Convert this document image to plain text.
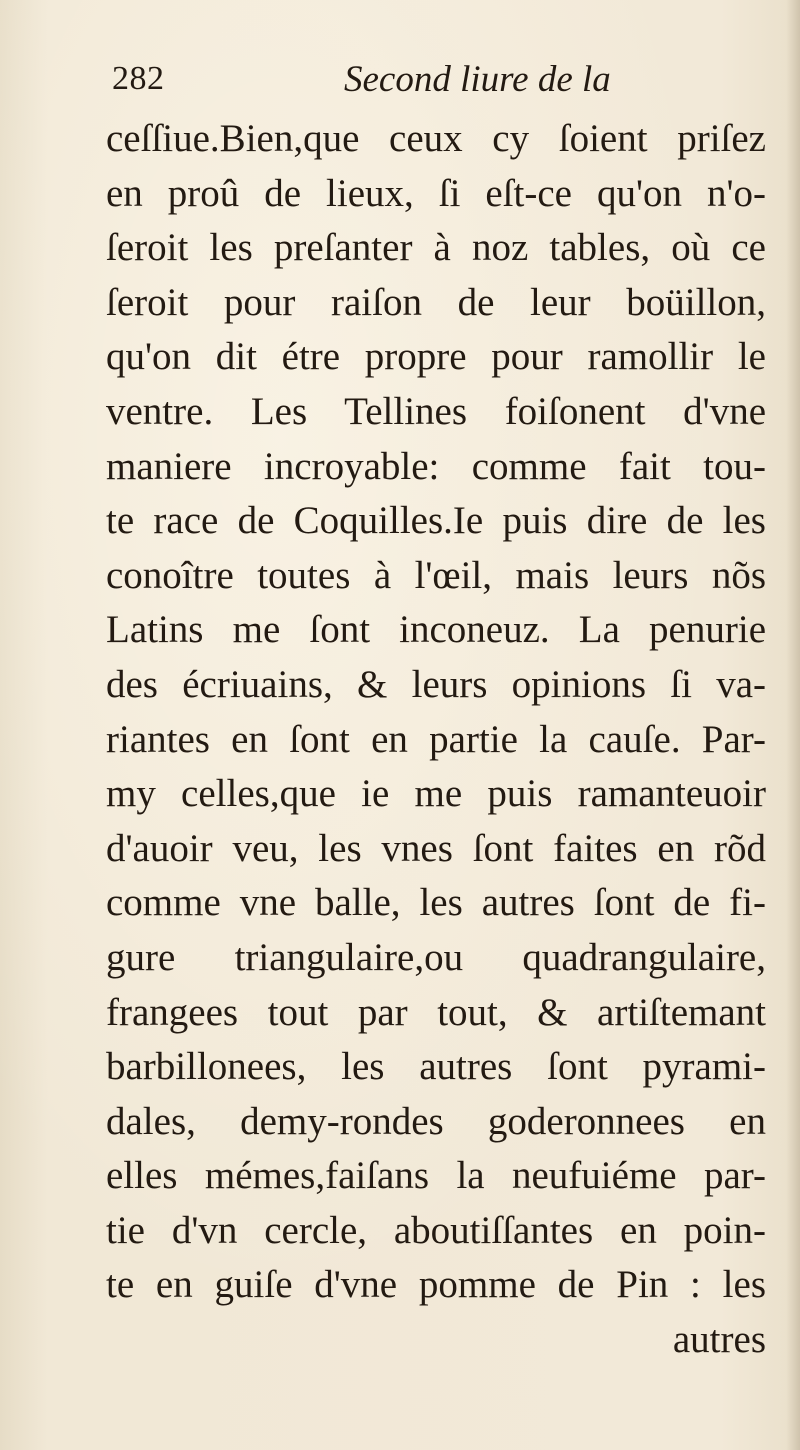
282	Second liure de la
ceſſiue.Bien,que ceux cy ſoient priſez
en proû de lieux, ſi eſt-ce qu'on n'o-
ſeroit les preſanter à noz tables, où ce
ſeroit pour raiſon de leur boüillon,
qu'on dit étre propre pour ramollir le
ventre. Les Tellines foiſonent d'vne
maniere incroyable: comme fait tou-
te race de Coquilles.Ie puis dire de les
conoître toutes à l'œil, mais leurs nõs
Latins me ſont inconeuz. La penurie
des écriuains, & leurs opinions ſi va-
riantes en ſont en partie la cauſe. Par-
my celles,que ie me puis ramanteuoir
d'auoir veu, les vnes ſont faites en rõd
comme vne balle, les autres ſont de fi-
gure triangulaire,ou quadrangulaire,
frangees tout par tout, & artiſtemant
barbillonees, les autres ſont pyrami-
dales, demy-rondes goderonnees en
elles mémes,faiſans la neufuiéme par-
tie d'vn cercle, aboutiſſantes en poin-
te en guiſe d'vne pomme de Pin : les
autres
